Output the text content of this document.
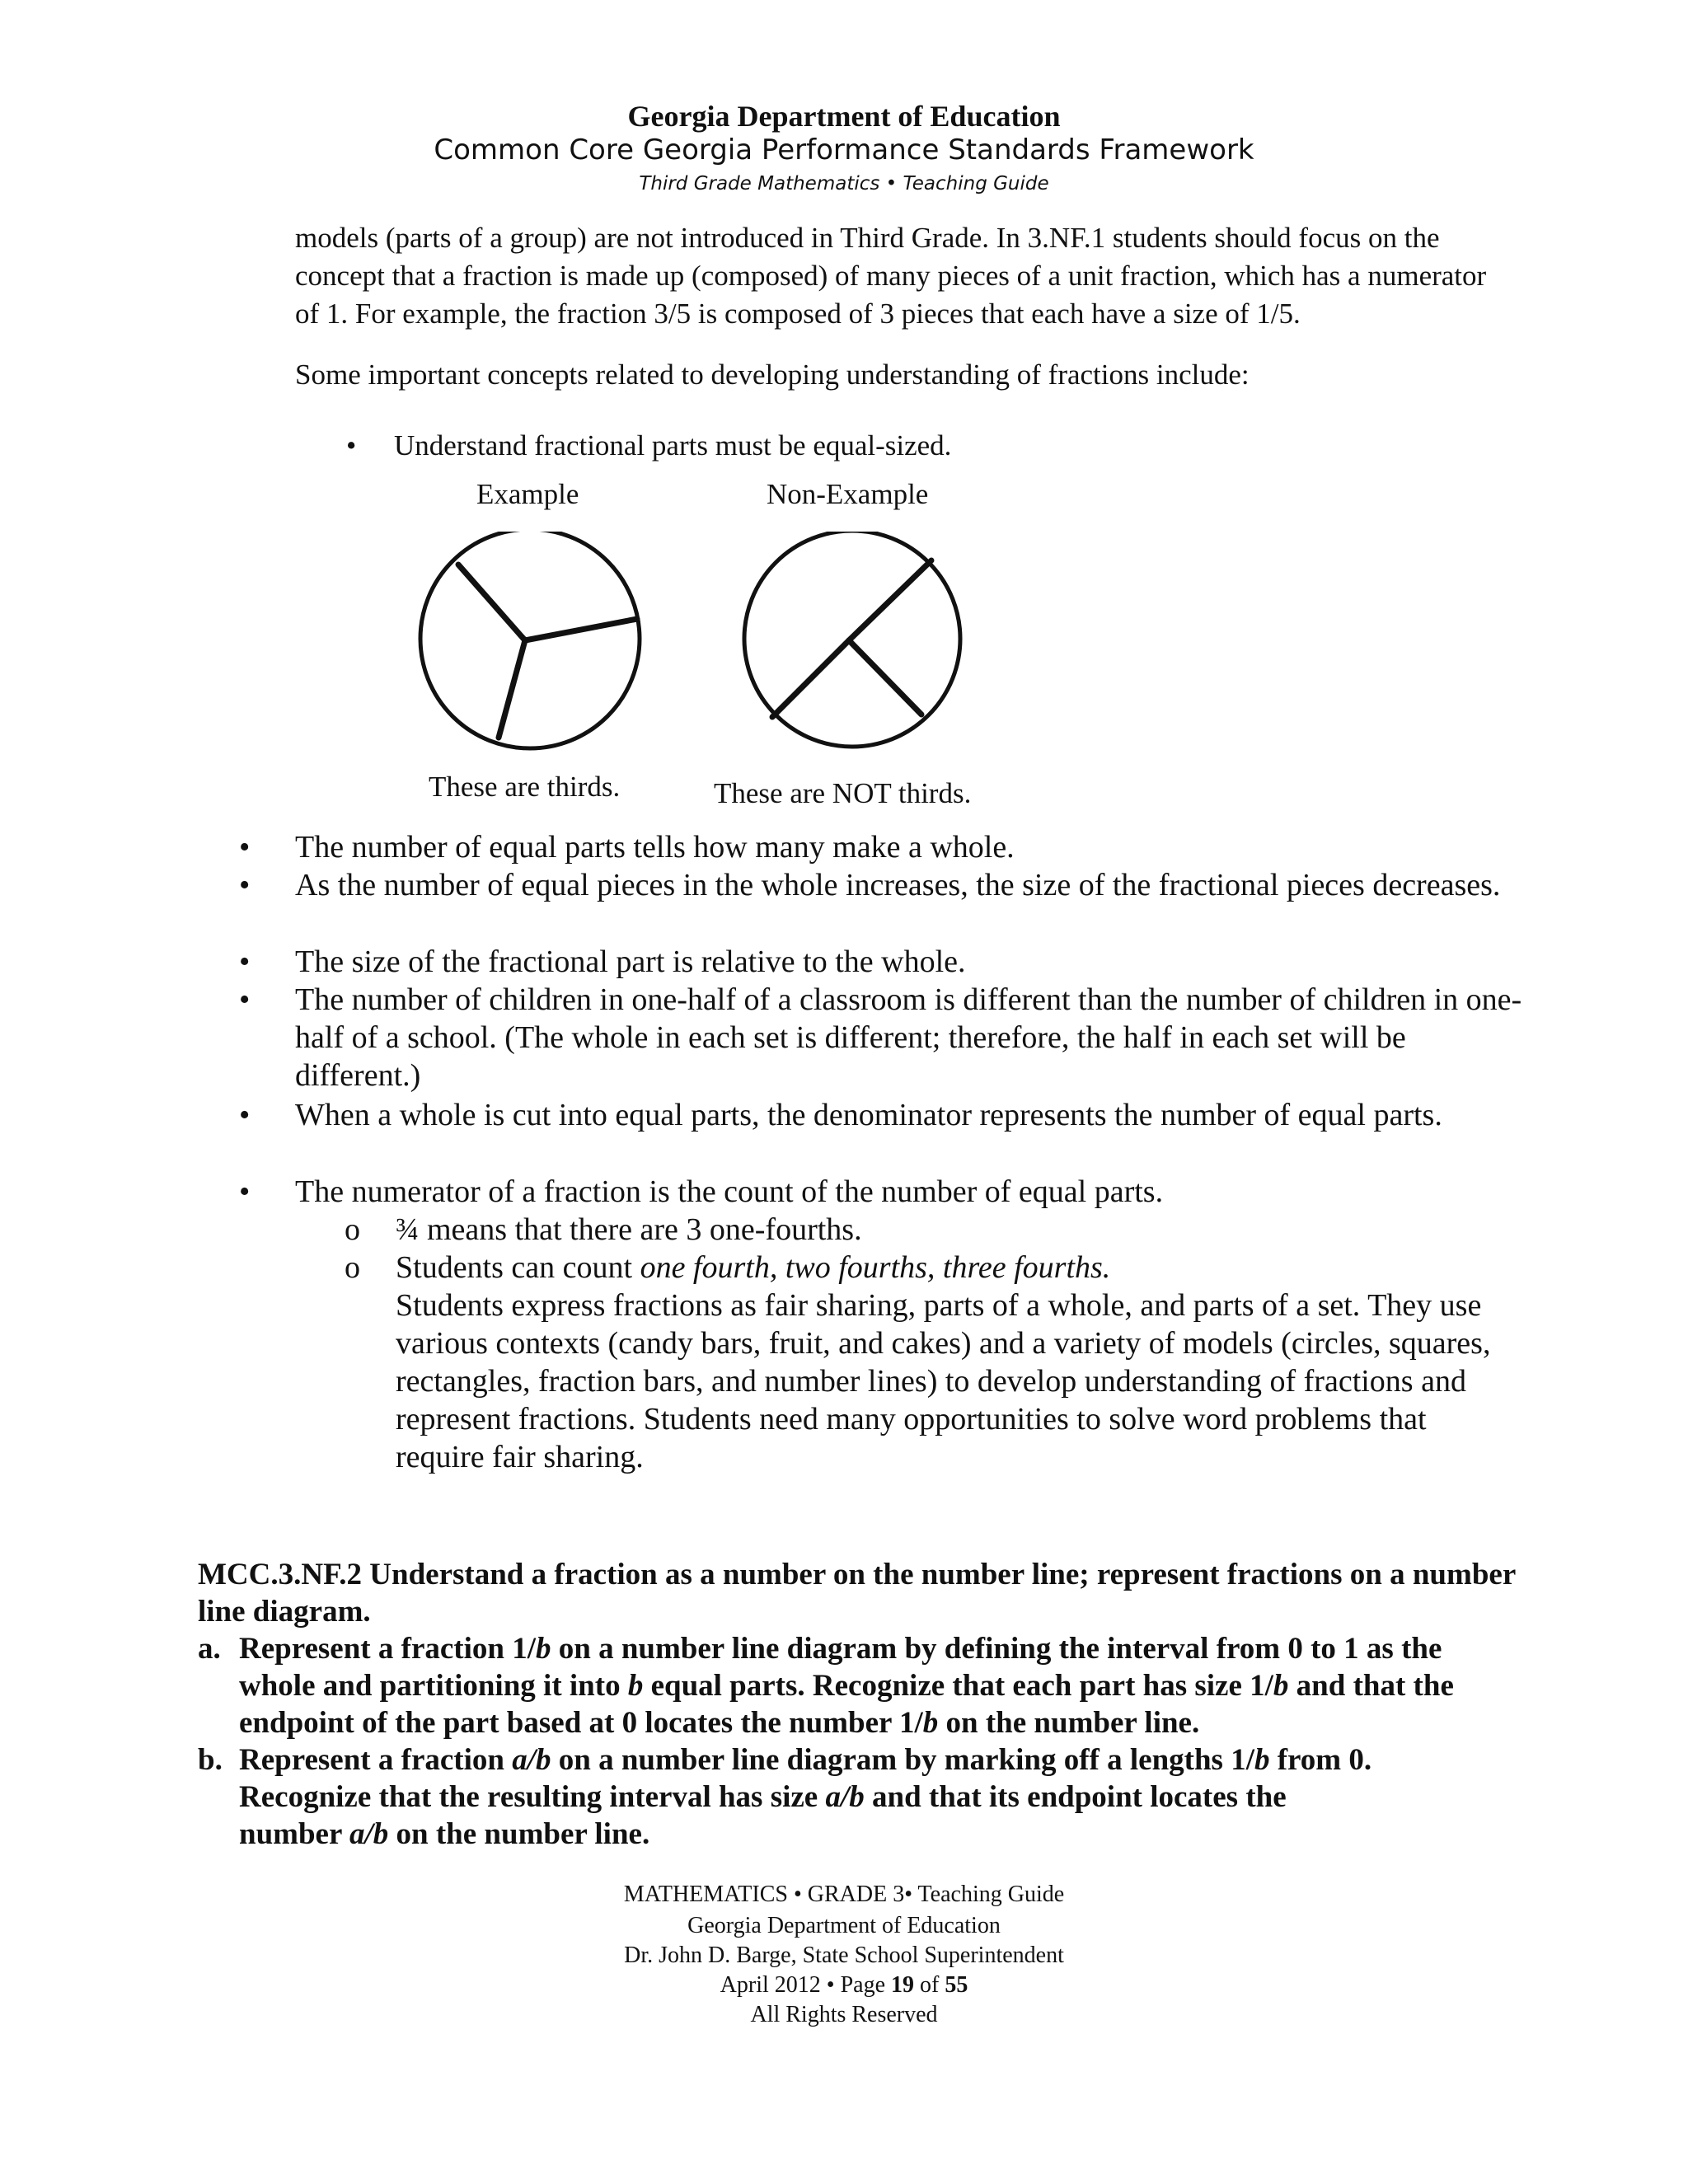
Georgia Department of Education
Common Core Georgia Performance Standards Framework
Third Grade Mathematics • Teaching Guide
models (parts of a group) are not introduced in Third Grade. In 3.NF.1 students should focus on the concept that a fraction is made up (composed) of many pieces of a unit fraction, which has a numerator of 1. For example, the fraction 3/5 is composed of 3 pieces that each have a size of 1/5.
Some important concepts related to developing understanding of fractions include:
• Understand fractional parts must be equal-sized.
Example	Non-Example
These are thirds.	These are NOT thirds.
• The number of equal parts tells how many make a whole.
• As the number of equal pieces in the whole increases, the size of the fractional pieces decreases.
• The size of the fractional part is relative to the whole.
• The number of children in one-half of a classroom is different than the number of children in one-half of a school. (The whole in each set is different; therefore, the half in each set will be different.)
• When a whole is cut into equal parts, the denominator represents the number of equal parts.
• The numerator of a fraction is the count of the number of equal parts.
o ¾ means that there are 3 one-fourths.
o Students can count one fourth, two fourths, three fourths.
Students express fractions as fair sharing, parts of a whole, and parts of a set. They use various contexts (candy bars, fruit, and cakes) and a variety of models (circles, squares, rectangles, fraction bars, and number lines) to develop understanding of fractions and represent fractions. Students need many opportunities to solve word problems that require fair sharing.
MCC.3.NF.2 Understand a fraction as a number on the number line; represent fractions on a number line diagram.
a. Represent a fraction 1/b on a number line diagram by defining the interval from 0 to 1 as the whole and partitioning it into b equal parts. Recognize that each part has size 1/b and that the endpoint of the part based at 0 locates the number 1/b on the number line.
b. Represent a fraction a/b on a number line diagram by marking off a lengths 1/b from 0.    Recognize that the resulting interval has size a/b and that its endpoint locates the number a/b on the number line.
MATHEMATICS • GRADE 3• Teaching Guide
Georgia Department of Education
Dr. John D. Barge, State School Superintendent
April 2012 • Page 19 of 55
All Rights Reserved
